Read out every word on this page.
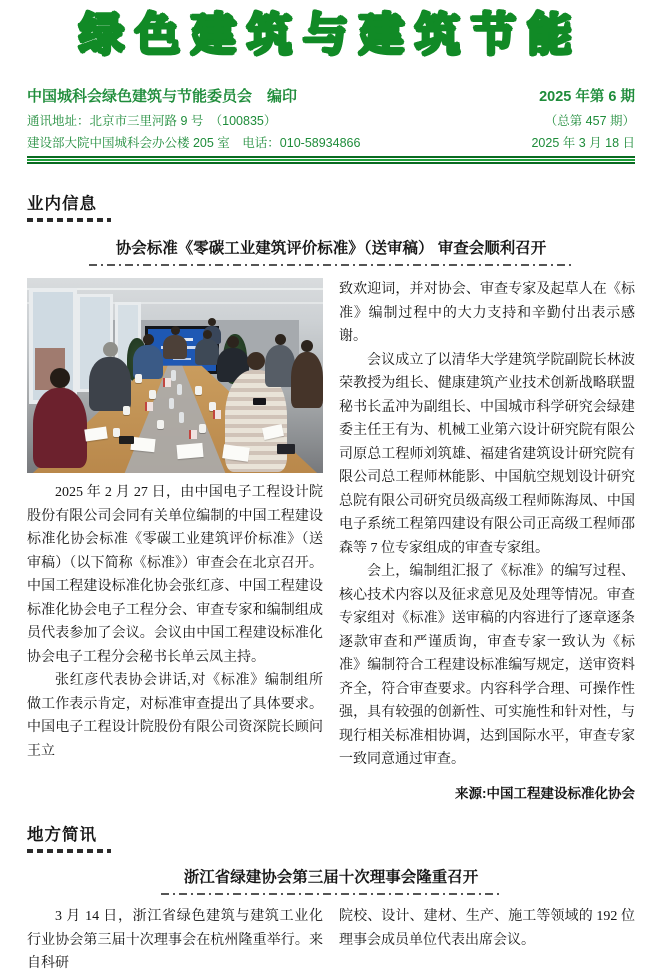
绿色建筑与建筑节能
中国城科会绿色建筑与节能委员会　编印
通讯地址：北京市三里河路 9 号　（100835）
建设部大院中国城科会办公楼 205 室　电话：010-58934866
2025 年第 6 期
（总第 457 期）
2025 年 3 月 18 日
业内信息
协会标准《零碳工业建筑评价标准》（送审稿） 审查会顺利召开

2025 年 2 月 27 日，由中国电子工程设计院股份有限公司会同有关单位编制的中国工程建设标准化协会标准《零碳工业建筑评价标准》（送审稿）（以下简称《标准》）审查会在北京召开。中国工程建设标准化协会张红彦、中国工程建设标准化协会电子工程分会、审查专家和编制组成员代表参加了会议。会议由中国工程建设标准化协会电子工程分会秘书长单云凤主持。

张红彦代表协会讲话,对《标准》编制组所做工作表示肯定，对标准审查提出了具体要求。中国电子工程设计院股份有限公司资深院长顾问王立

致欢迎词，并对协会、审查专家及起草人在《标准》编制过程中的大力支持和辛勤付出表示感谢。

会议成立了以清华大学建筑学院副院长林波荣教授为组长、健康建筑产业技术创新战略联盟秘书长孟冲为副组长、中国城市科学研究会绿建委主任王有为、机械工业第六设计研究院有限公司原总工程师刘筑雄、福建省建筑设计研究院有限公司总工程师林能影、中国航空规划设计研究总院有限公司研究员级高级工程师陈海凤、中国电子系统工程第四建设有限公司正高级工程师邵森等 7 位专家组成的审查专家组。

会上，编制组汇报了《标准》的编写过程、核心技术内容以及征求意见及处理等情况。审查专家组对《标准》送审稿的内容进行了逐章逐条逐款审查和严谨质询，审查专家一致认为《标准》编制符合工程建设标准编写规定，送审资料齐全，符合审查要求。内容科学合理、可操作性强，具有较强的创新性、可实施性和针对性，与现行相关标准相协调，达到国际水平，审查专家一致同意通过审查。

来源:中国工程建设标准化协会

地方简讯
浙江省绿建协会第三届十次理事会隆重召开

3 月 14 日，浙江省绿色建筑与建筑工业化行业协会第三届十次理事会在杭州隆重举行。来自科研

院校、设计、建材、生产、施工等领域的 192 位理事会成员单位代表出席会议。
